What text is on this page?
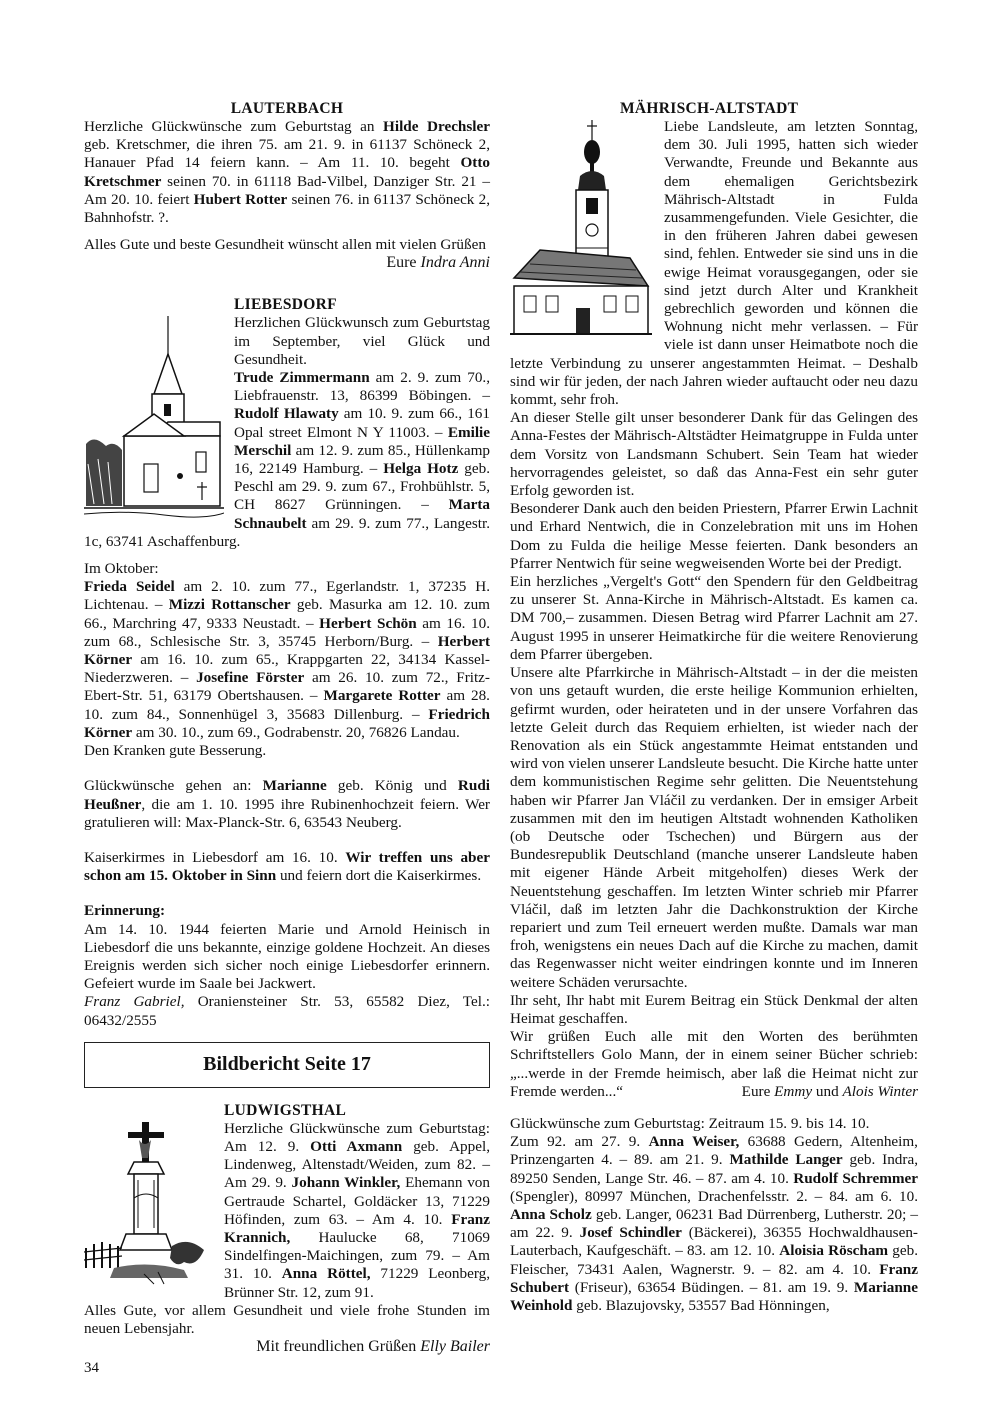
LAUTERBACH

Herzliche Glückwünsche zum Geburtstag an Hilde Drechsler geb. Kretschmer, die ihren 75. am 21. 9. in 61137 Schöneck 2, Hanauer Pfad 14 feiern kann. – Am 11. 10. begeht Otto Kretschmer seinen 70. in 61118 Bad-Vilbel, Danziger Str. 21 – Am 20. 10. feiert Hubert Rotter seinen 76. in 61137 Schöneck 2, Bahnhofstr. ?.

Alles Gute und beste Gesundheit wünscht allen mit vielen Grüßen

Eure Indra Anni
LIEBESDORF

Herzlichen Glückwunsch zum Geburtstag im September, viel Glück und Gesundheit.

Trude Zimmermann am 2. 9. zum 70., Liebfrauenstr. 13, 86399 Böbingen. – Rudolf Hlawaty am 10. 9. zum 66., 161 Opal street Elmont N Y 11003. – Emilie Merschil am 12. 9. zum 85., Hüllenkamp 16, 22149 Hamburg. – Helga Hotz geb. Peschl am 29. 9. zum 67., Frohbühlstr. 5, CH 8627 Grünningen. – Marta Schnaubelt am 29. 9. zum 77., Langestr. 1c, 63741 Aschaffenburg.

Im Oktober:

Frieda Seidel am 2. 10. zum 77., Egerlandstr. 1, 37235 H. Lichtenau. – Mizzi Rottanscher geb. Masurka am 12. 10. zum 66., Marchring 47, 9333 Neustadt. – Herbert Schön am 16. 10. zum 68., Schlesische Str. 3, 35745 Herborn/Burg. – Herbert Körner am 16. 10. zum 65., Krappgarten 22, 34134 Kassel-Niederzweren. – Josefine Förster am 26. 10. zum 72., Fritz-Ebert-Str. 51, 63179 Obertshausen. – Margarete Rotter am 28. 10. zum 84., Sonnenhügel 3, 35683 Dillenburg. – Friedrich Körner am 30. 10., zum 69., Godrabenstr. 20, 76826 Landau.

Den Kranken gute Besserung.

Glückwünsche gehen an: Marianne geb. König und Rudi Heußner, die am 1. 10. 1995 ihre Rubinenhochzeit feiern. Wer gratulieren will: Max-Planck-Str. 6, 63543 Neuberg.

Kaiserkirmes in Liebesdorf am 16. 10. Wir treffen uns aber schon am 15. Oktober in Sinn und feiern dort die Kaiserkirmes.

Erinnerung:

Am 14. 10. 1944 feierten Marie und Arnold Heinisch in Liebesdorf die uns bekannte, einzige goldene Hochzeit. An dieses Ereignis werden sich sicher noch einige Liebesdorfer erinnern. Gefeiert wurde im Saale bei Jackwert.

Franz Gabriel, Oraniensteiner Str. 53, 65582 Diez, Tel.: 06432/2555

Bildbericht Seite 17
LUDWIGSTHAL

Herzliche Glückwünsche zum Geburtstag: Am 12. 9. Otti Axmann geb. Appel, Lindenweg, Altenstadt/Weiden, zum 82. – Am 29. 9. Johann Winkler, Ehemann von Gertraude Schartel, Goldäcker 13, 71229 Höfinden, zum 63. – Am 4. 10. Franz Krannich, Haulucke 68, 71069 Sindelfingen-Maichingen, zum 79. – Am 31. 10. Anna Röttel, 71229 Leonberg, Brünner Str. 12, zum 91.

Alles Gute, vor allem Gesundheit und viele frohe Stunden im neuen Lebensjahr.

Mit freundlichen Grüßen Elly Bailer
MÄHRISCH-ALTSTADT

Liebe Landsleute, am letzten Sonntag, dem 30. Juli 1995, hatten sich wieder Verwandte, Freunde und Bekannte aus dem ehemaligen Gerichtsbezirk Mährisch-Altstadt in Fulda zusammengefunden. Viele Gesichter, die in den früheren Jahren dabei gewesen sind, fehlen. Entweder sie sind uns in die ewige Heimat vorausgegangen, oder sie sind jetzt durch Alter und Krankheit gebrechlich geworden und können die Wohnung nicht mehr verlassen. – Für viele ist dann unser Heimatbote noch die letzte Verbindung zu unserer angestammten Heimat. – Deshalb sind wir für jeden, der nach Jahren wieder auftaucht oder neu dazu kommt, sehr froh.

An dieser Stelle gilt unser besonderer Dank für das Gelingen des Anna-Festes der Mährisch-Altstädter Heimatgruppe in Fulda unter dem Vorsitz von Landsmann Schubert. Sein Team hat wieder hervorragendes geleistet, so daß das Anna-Fest ein sehr guter Erfolg geworden ist.

Besonderer Dank auch den beiden Priestern, Pfarrer Erwin Lachnit und Erhard Nentwich, die in Conzelebration mit uns im Hohen Dom zu Fulda die heilige Messe feierten. Dank besonders an Pfarrer Nentwich für seine wegweisenden Worte bei der Predigt.

Ein herzliches „Vergelt's Gott“ den Spendern für den Geldbeitrag zu unserer St. Anna-Kirche in Mährisch-Altstadt. Es kamen ca. DM 700,– zusammen. Diesen Betrag wird Pfarrer Lachnit am 27. August 1995 in unserer Heimatkirche für die weitere Renovierung dem Pfarrer übergeben.

Unsere alte Pfarrkirche in Mährisch-Altstadt – in der die meisten von uns getauft wurden, die erste heilige Kommunion erhielten, gefirmt wurden, oder heirateten und in der unsere Vorfahren das letzte Geleit durch das Requiem erhielten, ist wieder nach der Renovation als ein Stück angestammte Heimat entstanden und wird von vielen unserer Landsleute besucht. Die Kirche hatte unter dem kommunistischen Regime sehr gelitten. Die Neuentstehung haben wir Pfarrer Jan Vláčil zu verdanken. Der in emsiger Arbeit zusammen mit den im heutigen Altstadt wohnenden Katholiken (ob Deutsche oder Tschechen) und Bürgern aus der Bundesrepublik Deutschland (manche unserer Landsleute haben mit eigener Hände Arbeit mitgeholfen) dieses Werk der Neuentstehung geschaffen. Im letzten Winter schrieb mir Pfarrer Vláčil, daß im letzten Jahr die Dachkonstruktion der Kirche repariert und zum Teil erneuert werden mußte. Damals war man froh, wenigstens ein neues Dach auf die Kirche zu machen, damit das Regenwasser nicht weiter eindringen konnte und im Inneren weitere Schäden verursachte.

Ihr seht, Ihr habt mit Eurem Beitrag ein Stück Denkmal der alten Heimat geschaffen.

Wir grüßen Euch alle mit den Worten des berühmten Schriftstellers Golo Mann, der in einem seiner Bücher schrieb: „...werde in der Fremde heimisch, aber laß die Heimat nicht zur Fremde werden...“	Eure Emmy und Alois Winter

Glückwünsche zum Geburtstag: Zeitraum 15. 9. bis 14. 10.

Zum 92. am 27. 9. Anna Weiser, 63688 Gedern, Altenheim, Prinzengarten 4. – 89. am 21. 9. Mathilde Langer geb. Indra, 89250 Senden, Lange Str. 46. – 87. am 4. 10. Rudolf Schremmer (Spengler), 80997 München, Drachenfelsstr. 2. – 84. am 6. 10. Anna Scholz geb. Langer, 06231 Bad Dürrenberg, Lutherstr. 20; – am 22. 9. Josef Schindler (Bäckerei), 36355 Hochwaldhausen-Lauterbach, Kaufgeschäft. – 83. am 12. 10. Aloisia Röscham geb. Fleischer, 73431 Aalen, Wagnerstr. 9. – 82. am 4. 10. Franz Schubert (Friseur), 63654 Büdingen. – 81. am 19. 9. Marianne Weinhold geb. Blazujovsky, 53557 Bad Hönningen,

34
